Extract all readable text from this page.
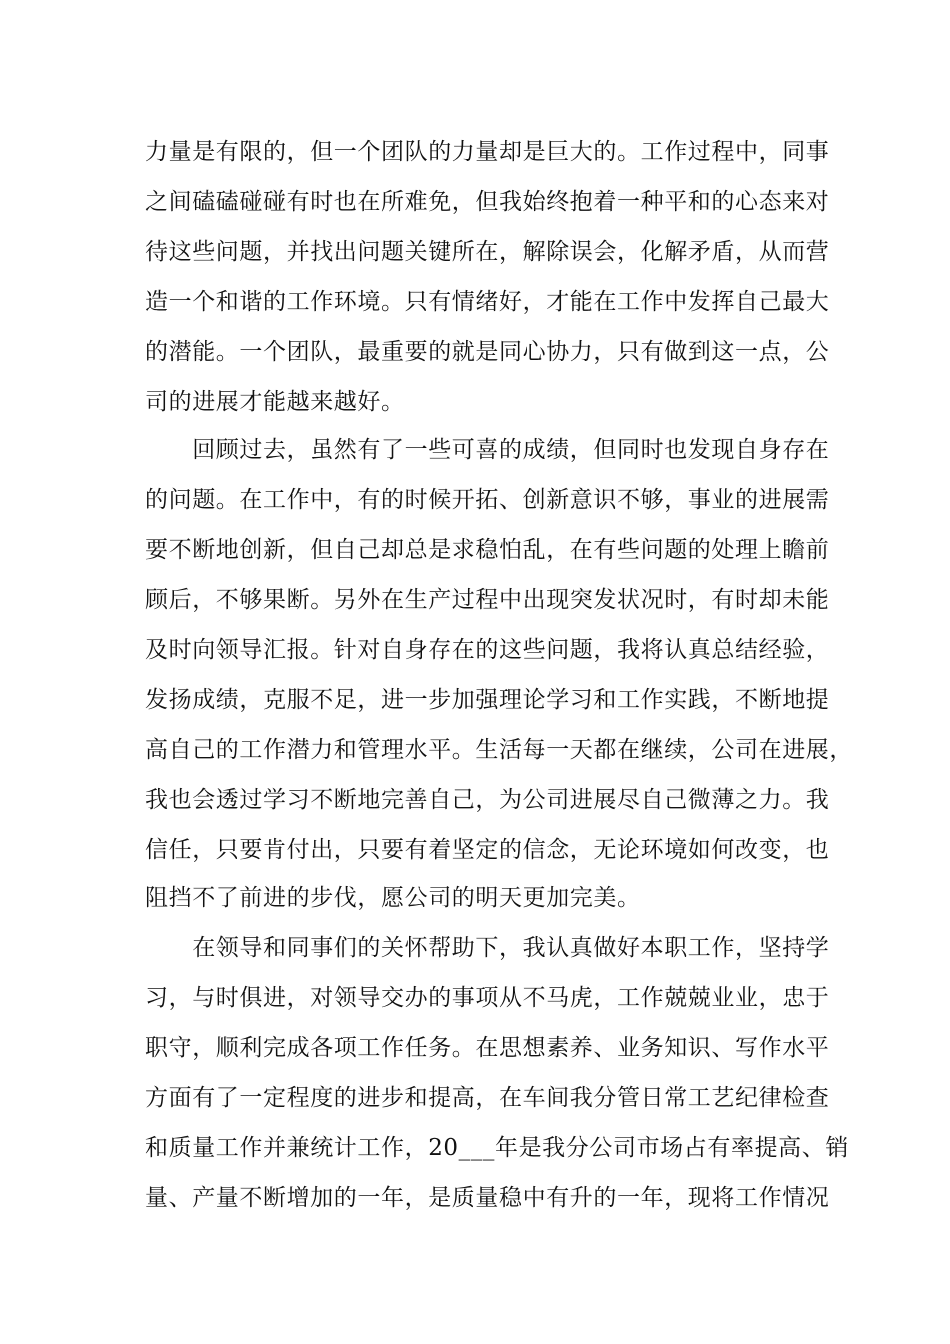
力量是有限的，但一个团队的力量却是巨大的。工作过程中，同事
之间磕磕碰碰有时也在所难免，但我始终抱着一种平和的心态来对
待这些问题，并找出问题关键所在，解除误会，化解矛盾，从而营
造一个和谐的工作环境。只有情绪好，才能在工作中发挥自己最大
的潜能。一个团队，最重要的就是同心协力，只有做到这一点，公
司的进展才能越来越好。
　　回顾过去，虽然有了一些可喜的成绩，但同时也发现自身存在
的问题。在工作中，有的时候开拓、创新意识不够，事业的进展需
要不断地创新，但自己却总是求稳怕乱，在有些问题的处理上瞻前
顾后，不够果断。另外在生产过程中出现突发状况时，有时却未能
及时向领导汇报。针对自身存在的这些问题，我将认真总结经验，
发扬成绩，克服不足，进一步加强理论学习和工作实践，不断地提
高自己的工作潜力和管理水平。生活每一天都在继续，公司在进展，
我也会透过学习不断地完善自己，为公司进展尽自己微薄之力。我
信任，只要肯付出，只要有着坚定的信念，无论环境如何改变，也
阻挡不了前进的步伐，愿公司的明天更加完美。
　　在领导和同事们的关怀帮助下，我认真做好本职工作，坚持学
习，与时俱进，对领导交办的事项从不马虎，工作兢兢业业，忠于
职守，顺利完成各项工作任务。在思想素养、业务知识、写作水平
方面有了一定程度的进步和提高，在车间我分管日常工艺纪律检查
和质量工作并兼统计工作，20___年是我分公司市场占有率提高、销
量、产量不断增加的一年，是质量稳中有升的一年，现将工作情况
